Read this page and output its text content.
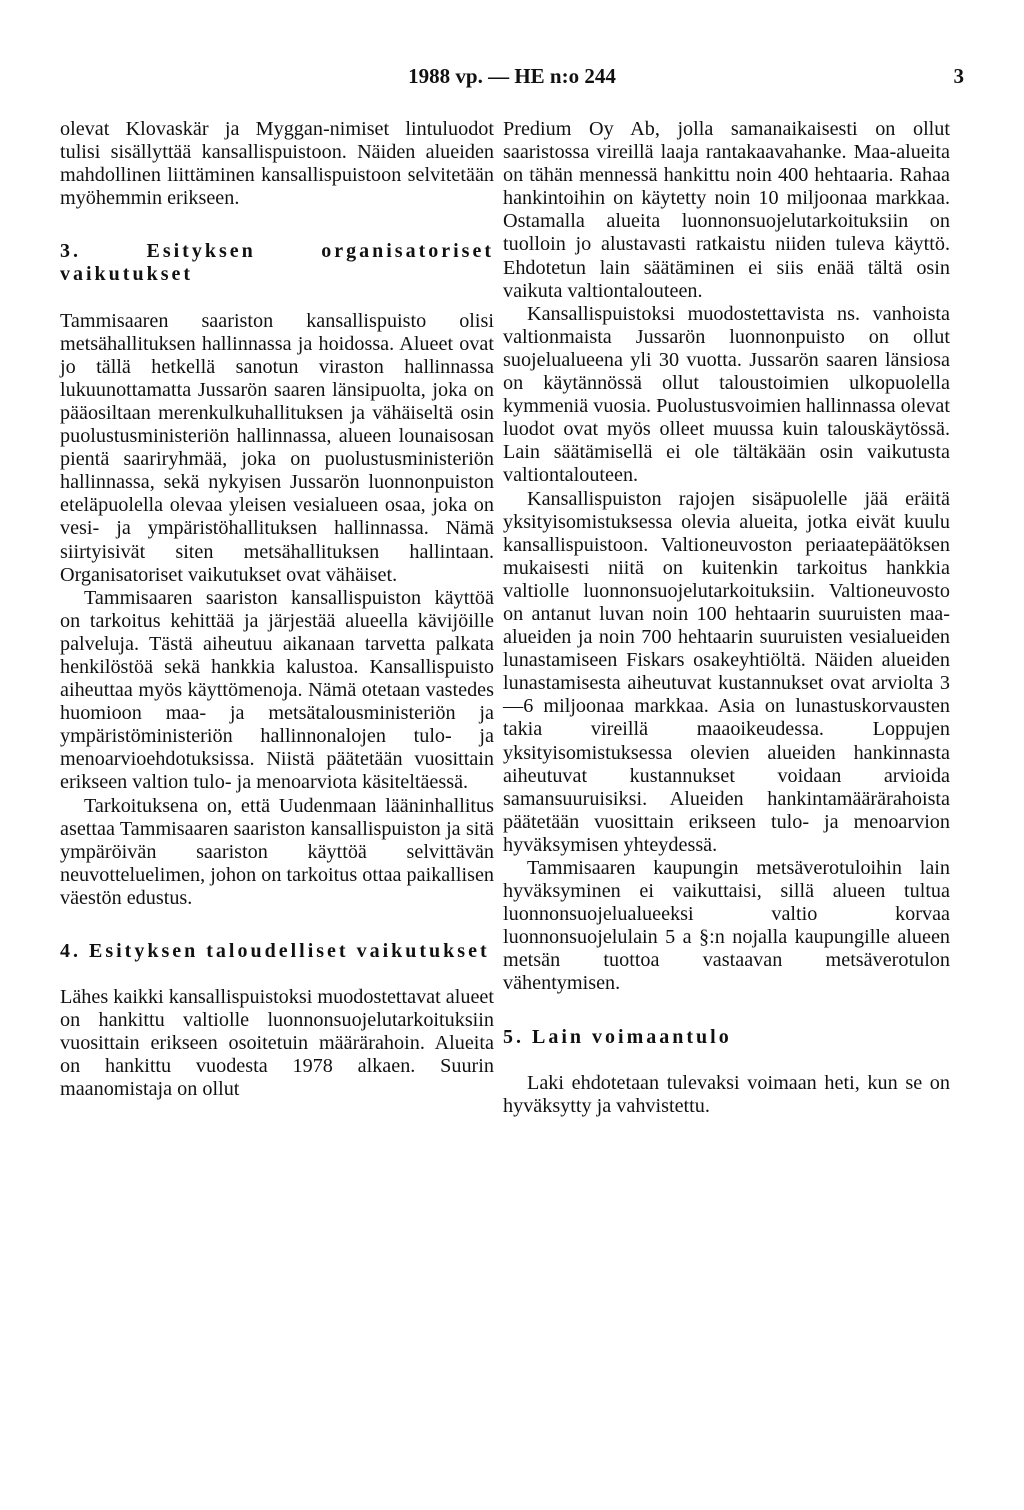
1988 vp. — HE n:o 244	3

olevat Klovaskär ja Myggan-nimiset lintuluodot tulisi sisällyttää kansallispuistoon. Näiden alueiden mahdollinen liittäminen kansallispuistoon selvitetään myöhemmin erikseen.

3. Esityksen organisatoriset vaikutukset

Tammisaaren saariston kansallispuisto olisi metsähallituksen hallinnassa ja hoidossa. Alueet ovat jo tällä hetkellä sanotun viraston hallinnassa lukuunottamatta Jussarön saaren länsipuolta, joka on pääosiltaan merenkulkuhallituksen ja vähäiseltä osin puolustusministeriön hallinnassa, alueen lounaisosan pientä saariryhmää, joka on puolustusministeriön hallinnassa, sekä nykyisen Jussarön luonnonpuiston eteläpuolella olevaa yleisen vesialueen osaa, joka on vesi- ja ympäristöhallituksen hallinnassa. Nämä siirtyisivät siten metsähallituksen hallintaan. Organisatoriset vaikutukset ovat vähäiset.

Tammisaaren saariston kansallispuiston käyttöä on tarkoitus kehittää ja järjestää alueella kävijöille palveluja. Tästä aiheutuu aikanaan tarvetta palkata henkilöstöä sekä hankkia kalustoa. Kansallispuisto aiheuttaa myös käyttömenoja. Nämä otetaan vastedes huomioon maa- ja metsätalousministeriön ja ympäristöministeriön hallinnonalojen tulo- ja menoarvioehdotuksissa. Niistä päätetään vuosittain erikseen valtion tulo- ja menoarviota käsiteltäessä.

Tarkoituksena on, että Uudenmaan lääninhallitus asettaa Tammisaaren saariston kansallispuiston ja sitä ympäröivän saariston käyttöä selvittävän neuvotteluelimen, johon on tarkoitus ottaa paikallisen väestön edustus.

4. Esityksen taloudelliset vaikutukset

Lähes kaikki kansallispuistoksi muodostettavat alueet on hankittu valtiolle luonnonsuojelutarkoituksiin vuosittain erikseen osoitetuin määrärahoin. Alueita on hankittu vuodesta 1978 alkaen. Suurin maanomistaja on ollut

Predium Oy Ab, jolla samanaikaisesti on ollut saaristossa vireillä laaja rantakaavahanke. Maa-alueita on tähän mennessä hankittu noin 400 hehtaaria. Rahaa hankintoihin on käytetty noin 10 miljoonaa markkaa. Ostamalla alueita luonnonsuojelutarkoituksiin on tuolloin jo alustavasti ratkaistu niiden tuleva käyttö. Ehdotetun lain säätäminen ei siis enää tältä osin vaikuta valtiontalouteen.

Kansallispuistoksi muodostettavista ns. vanhoista valtionmaista Jussarön luonnonpuisto on ollut suojelualueena yli 30 vuotta. Jussarön saaren länsiosa on käytännössä ollut taloustoimien ulkopuolella kymmeniä vuosia. Puolustusvoimien hallinnassa olevat luodot ovat myös olleet muussa kuin talouskäytössä. Lain säätämisellä ei ole tältäkään osin vaikutusta valtiontalouteen.

Kansallispuiston rajojen sisäpuolelle jää eräitä yksityisomistuksessa olevia alueita, jotka eivät kuulu kansallispuistoon. Valtioneuvoston periaatepäätöksen mukaisesti niitä on kuitenkin tarkoitus hankkia valtiolle luonnonsuojelutarkoituksiin. Valtioneuvosto on antanut luvan noin 100 hehtaarin suuruisten maa-alueiden ja noin 700 hehtaarin suuruisten vesialueiden lunastamiseen Fiskars osakeyhtiöltä. Näiden alueiden lunastamisesta aiheutuvat kustannukset ovat arviolta 3—6 miljoonaa markkaa. Asia on lunastuskorvausten takia vireillä maaoikeudessa. Loppujen yksityisomistuksessa olevien alueiden hankinnasta aiheutuvat kustannukset voidaan arvioida samansuuruisiksi. Alueiden hankintamäärärahoista päätetään vuosittain erikseen tulo- ja menoarvion hyväksymisen yhteydessä.

Tammisaaren kaupungin metsäverotuloihin lain hyväksyminen ei vaikuttaisi, sillä alueen tultua luonnonsuojelualueeksi valtio korvaa luonnonsuojelulain 5 a §:n nojalla kaupungille alueen metsän tuottoa vastaavan metsäverotulon vähentymisen.

5. Lain voimaantulo

Laki ehdotetaan tulevaksi voimaan heti, kun se on hyväksytty ja vahvistettu.
